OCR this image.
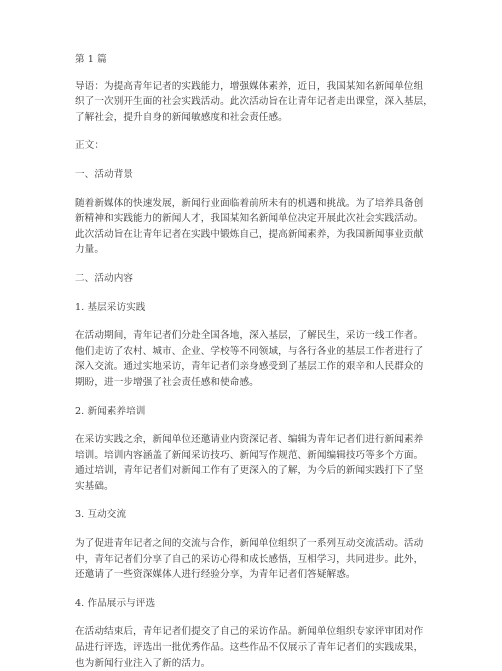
第 1 篇

导语：为提高青年记者的实践能力，增强媒体素养，近日，我国某知名新闻单位组

织了一次别开生面的社会实践活动。此次活动旨在让青年记者走出课堂，深入基层，

了解社会，提升自身的新闻敏感度和社会责任感。

正文：

一、活动背景

随着新媒体的快速发展，新闻行业面临着前所未有的机遇和挑战。为了培养具备创

新精神和实践能力的新闻人才，我国某知名新闻单位决定开展此次社会实践活动。

此次活动旨在让青年记者在实践中锻炼自己，提高新闻素养，为我国新闻事业贡献

力量。

二、活动内容

1. 基层采访实践

在活动期间，青年记者们分赴全国各地，深入基层，了解民生，采访一线工作者。

他们走访了农村、城市、企业、学校等不同领域，与各行各业的基层工作者进行了

深入交流。通过实地采访，青年记者们亲身感受到了基层工作的艰辛和人民群众的

期盼，进一步增强了社会责任感和使命感。

2. 新闻素养培训

在采访实践之余，新闻单位还邀请业内资深记者、编辑为青年记者们进行新闻素养

培训。培训内容涵盖了新闻采访技巧、新闻写作规范、新闻编辑技巧等多个方面。

通过培训，青年记者们对新闻工作有了更深入的了解，为今后的新闻实践打下了坚

实基础。

3. 互动交流

为了促进青年记者之间的交流与合作，新闻单位组织了一系列互动交流活动。活动

中，青年记者们分享了自己的采访心得和成长感悟，互相学习，共同进步。此外，

还邀请了一些资深媒体人进行经验分享，为青年记者们答疑解惑。

4. 作品展示与评选

在活动结束后，青年记者们提交了自己的采访作品。新闻单位组织专家评审团对作

品进行评选，评选出一批优秀作品。这些作品不仅展示了青年记者们的实践成果，

也为新闻行业注入了新的活力。
